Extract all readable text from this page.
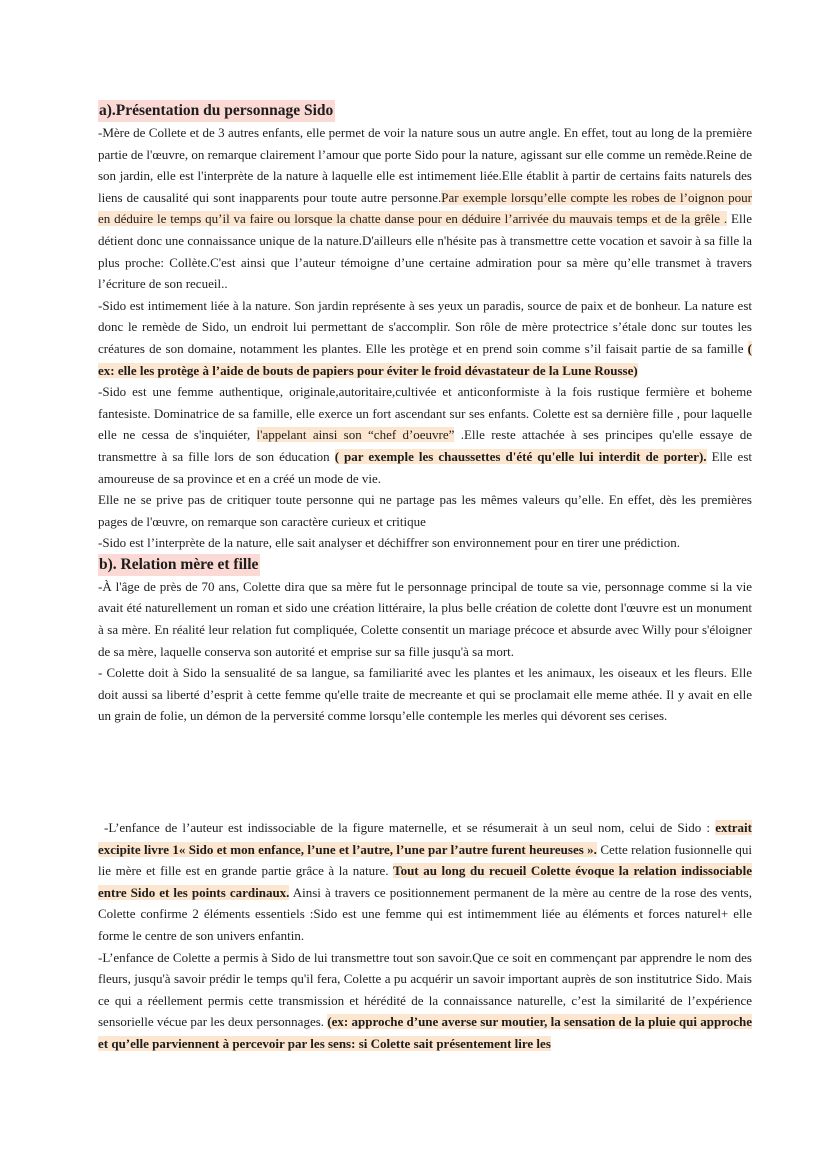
a).Présentation du personnage Sido

-Mère de Collete et de 3 autres enfants, elle permet de voir la nature sous un autre angle. En effet, tout au long de la première partie de l'œuvre, on remarque clairement l’amour que porte Sido pour la nature, agissant sur elle comme un remède.Reine de son jardin, elle est l'interprète de la nature à laquelle elle est intimement liée.Elle établit à partir de certains faits naturels des liens de causalité qui sont inapparents pour toute autre personne.Par exemple lorsqu’elle compte les robes de l’oignon pour en déduire le temps qu’il va faire ou lorsque la chatte danse pour en déduire l’arrivée du mauvais temps et de la grêle . Elle détient donc une connaissance unique de la nature.D'ailleurs elle n'hésite pas à transmettre cette vocation et savoir à sa fille la plus proche: Collète.C'est ainsi que l’auteur témoigne d’une certaine admiration pour sa mère qu’elle transmet à travers l’écriture de son recueil..

-Sido est intimement liée à la nature. Son jardin représente à ses yeux un paradis, source de paix et de bonheur. La nature est donc le remède de Sido, un endroit lui permettant de s'accomplir. Son rôle de mère protectrice s’étale donc sur toutes les créatures de son domaine, notamment les plantes. Elle les protège et en prend soin comme s’il faisait partie de sa famille ( ex: elle les protège à l’aide de bouts de papiers pour éviter le froid dévastateur de la Lune Rousse)

-Sido est une femme authentique, originale,autoritaire,cultivée et anticonformiste à la fois rustique fermière et boheme fantesiste. Dominatrice de sa famille, elle exerce un fort ascendant sur ses enfants. Colette est sa dernière fille , pour laquelle elle ne cessa de s'inquiéter, l'appelant ainsi son “chef d’oeuvre” .Elle reste attachée à ses principes qu'elle essaye de transmettre à sa fille lors de son éducation ( par exemple les chaussettes d'été qu'elle lui interdit de porter). Elle est amoureuse de sa province et en a créé un mode de vie.

Elle ne se prive pas de critiquer toute personne qui ne partage pas les mêmes valeurs qu’elle. En effet, dès les premières pages de l'œuvre, on remarque son caractère curieux et critique

-Sido est l’interprète de la nature, elle sait analyser et déchiffrer son environnement pour en tirer une prédiction.

b). Relation mère et fille

-À l'âge de près de 70 ans, Colette dira que sa mère fut le personnage principal de toute sa vie, personnage comme si la vie avait été naturellement un roman et sido une création littéraire, la plus belle création de colette dont l'œuvre est un monument à sa mère. En réalité leur relation fut compliquée, Colette consentit un mariage précoce et absurde avec Willy pour s'éloigner de sa mère, laquelle conserva son autorité et emprise sur sa fille jusqu'à sa mort.

- Colette doit à Sido la sensualité de sa langue, sa familiarité avec les plantes et les animaux, les oiseaux et les fleurs. Elle doit aussi sa liberté d’esprit à cette femme qu'elle traite de mecreante et qui se proclamait elle meme athée. Il y avait en elle un grain de folie, un démon de la perversité comme lorsqu’elle contemple les merles qui dévorent ses cerises.

-L’enfance de l’auteur est indissociable de la figure maternelle, et se résumerait à un seul nom, celui de Sido : extrait excipite livre 1« Sido et mon enfance, l’une et l’autre, l’une par l’autre furent heureuses ». Cette relation fusionnelle qui lie mère et fille est en grande partie grâce à la nature. Tout au long du recueil Colette évoque la relation indissociable entre Sido et les points cardinaux. Ainsi à travers ce positionnement permanent de la mère au centre de la rose des vents, Colette confirme 2 éléments essentiels :Sido est une femme qui est intimemment liée au éléments et forces naturel+ elle forme le centre de son univers enfantin.

-L’enfance de Colette a permis à Sido de lui transmettre tout son savoir.Que ce soit en commençant par apprendre le nom des fleurs, jusqu'à savoir prédir le temps qu'il fera, Colette a pu acquérir un savoir important auprès de son institutrice Sido. Mais ce qui a réellement permis cette transmission et hérédité de la connaissance naturelle, c’est la similarité de l’expérience sensorielle vécue par les deux personnages. (ex: approche d’une averse sur moutier, la sensation de la pluie qui approche et qu’elle parviennent à percevoir par les sens: si Colette sait présentement lire les
